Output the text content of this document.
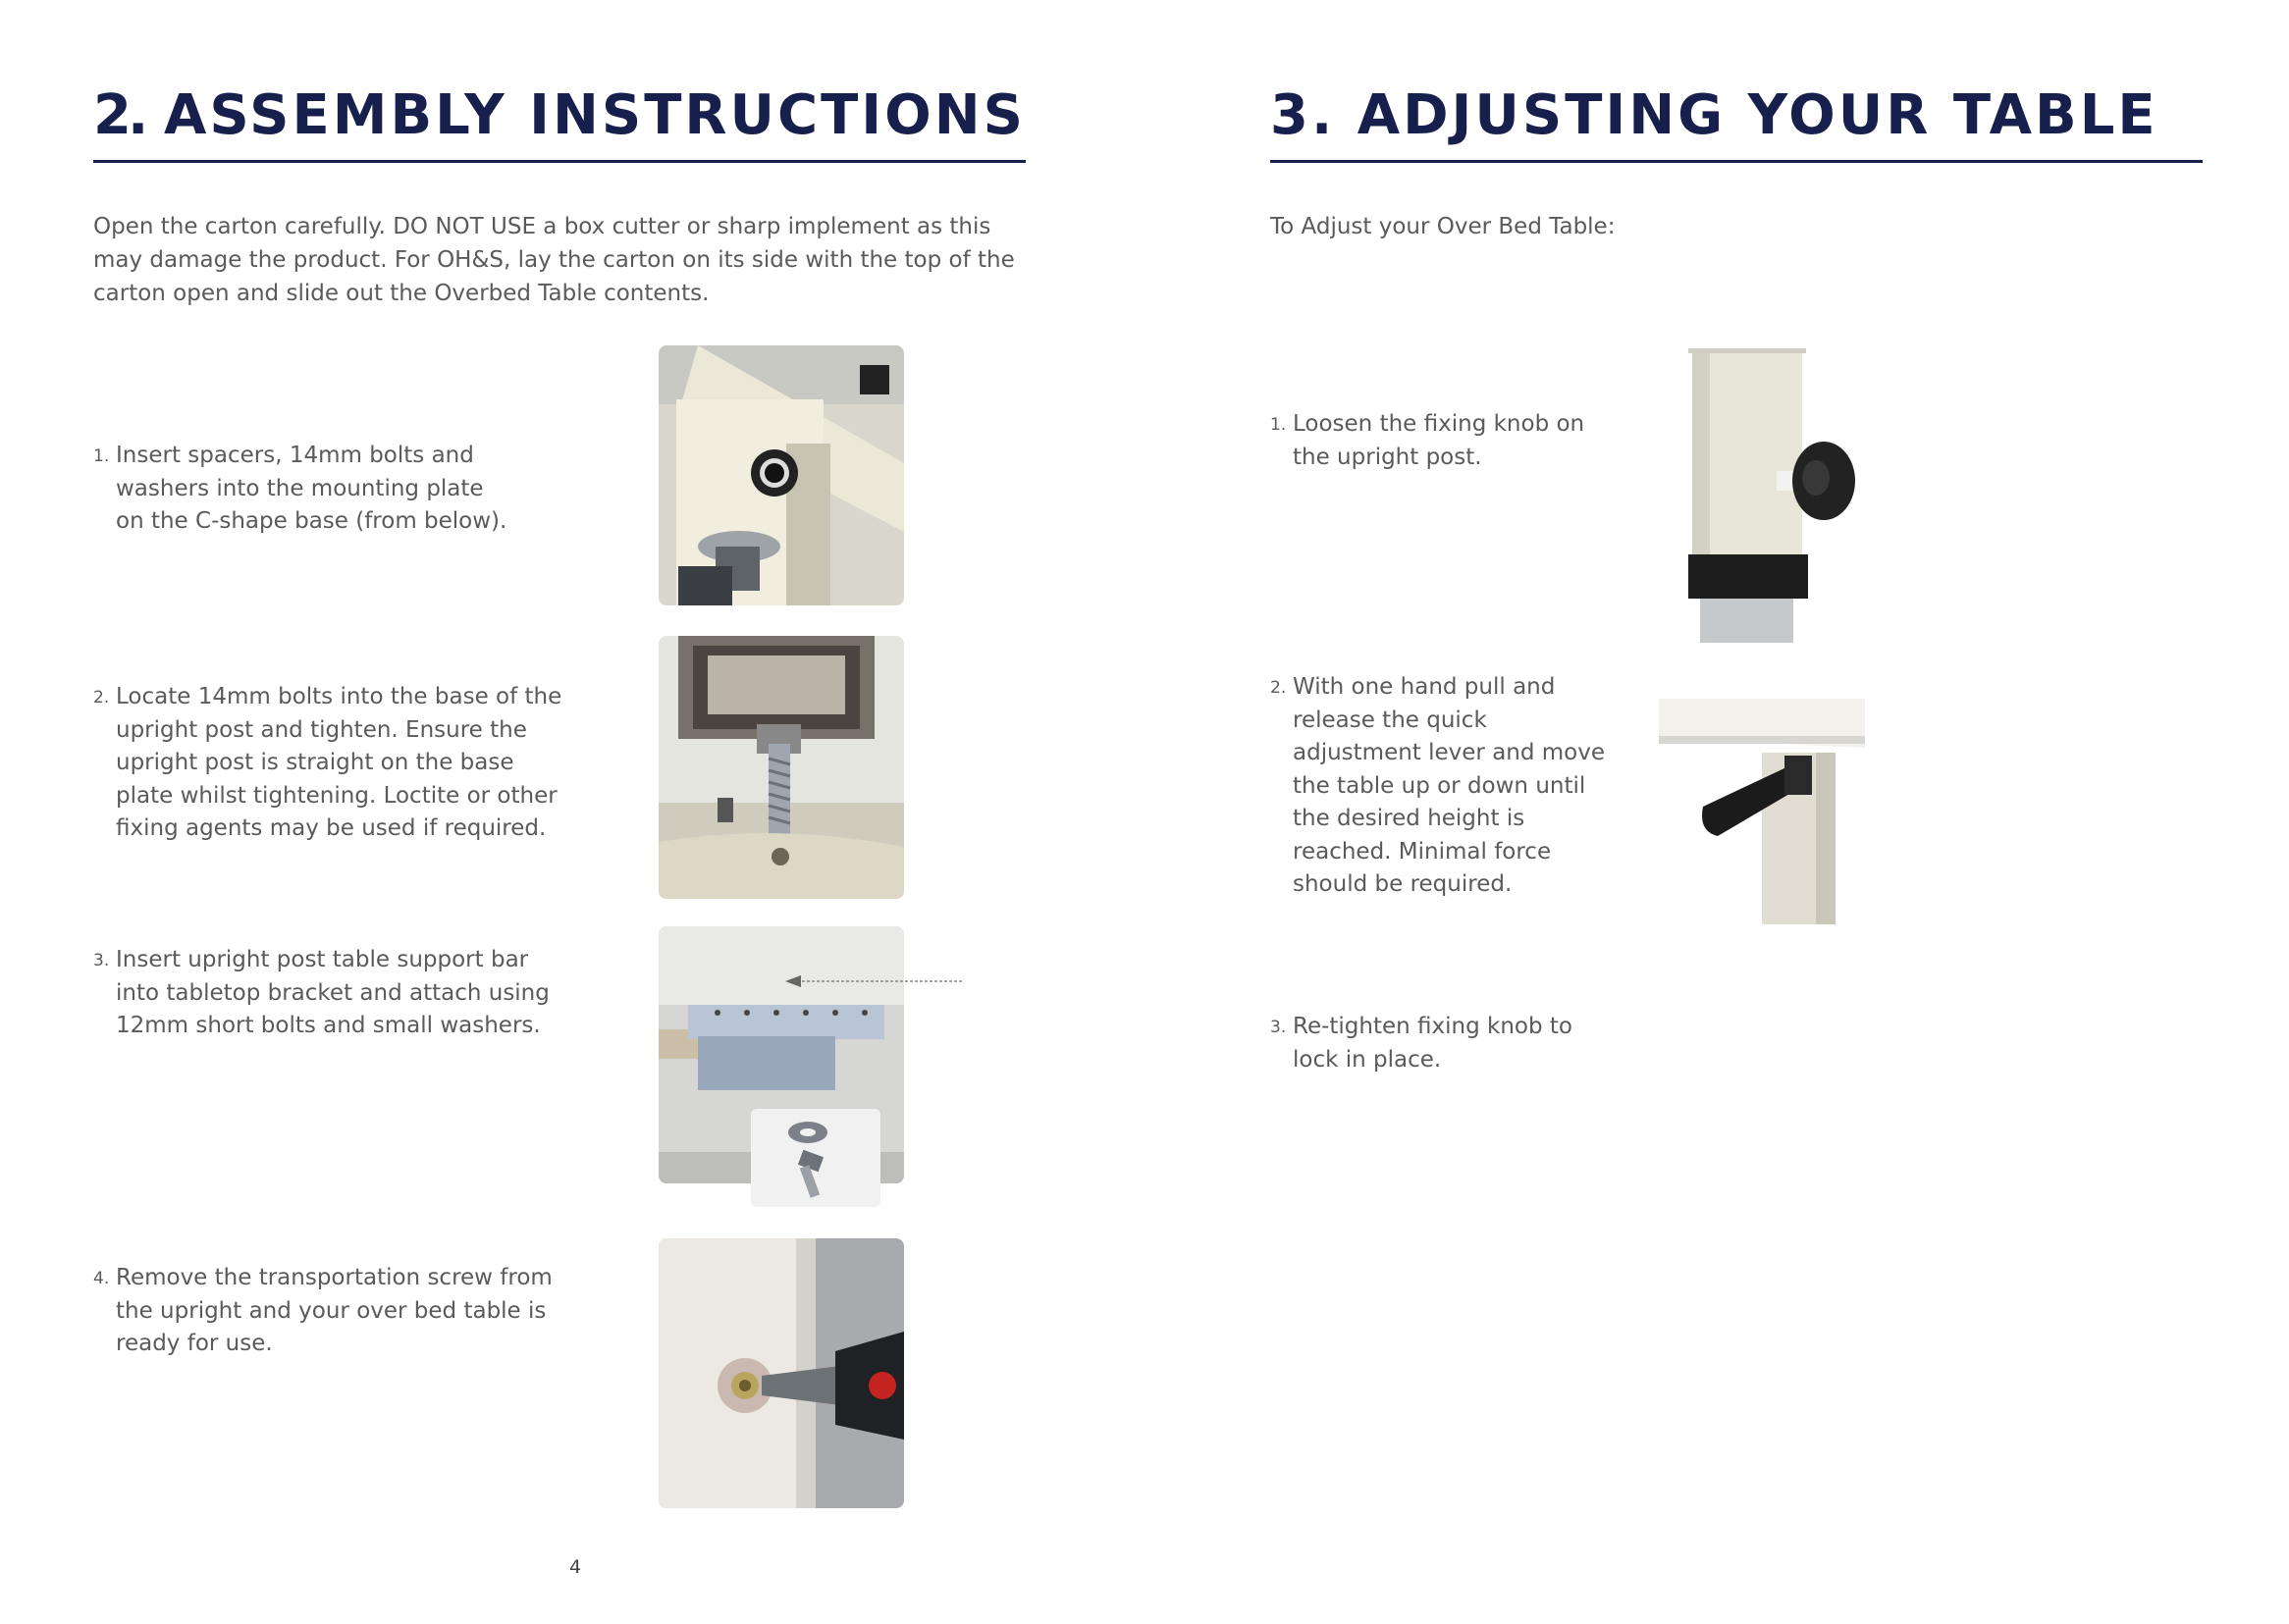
2. ASSEMBLY INSTRUCTIONS
Open the carton carefully. DO NOT USE a box cutter or sharp implement as this may damage the product. For OH&S, lay the carton on its side with the top of the carton open and slide out the Overbed Table contents.
1. Insert spacers, 14mm bolts and washers into the mounting plate on the C-shape base (from below).
2. Locate 14mm bolts into the base of the upright post and tighten. Ensure the upright post is straight on the base plate whilst tightening. Loctite or other fixing agents may be used if required.
3. Insert upright post table support bar into tabletop bracket and attach using 12mm short bolts and small washers.
4. Remove the transportation screw from the upright and your over bed table is ready for use.
4
3. ADJUSTING YOUR TABLE
To Adjust your Over Bed Table:
1. Loosen the fixing knob on the upright post.
2. With one hand pull and release the quick adjustment lever and move the table up or down until the desired height is reached. Minimal force should be required.
3. Re-tighten fixing knob to lock in place.
